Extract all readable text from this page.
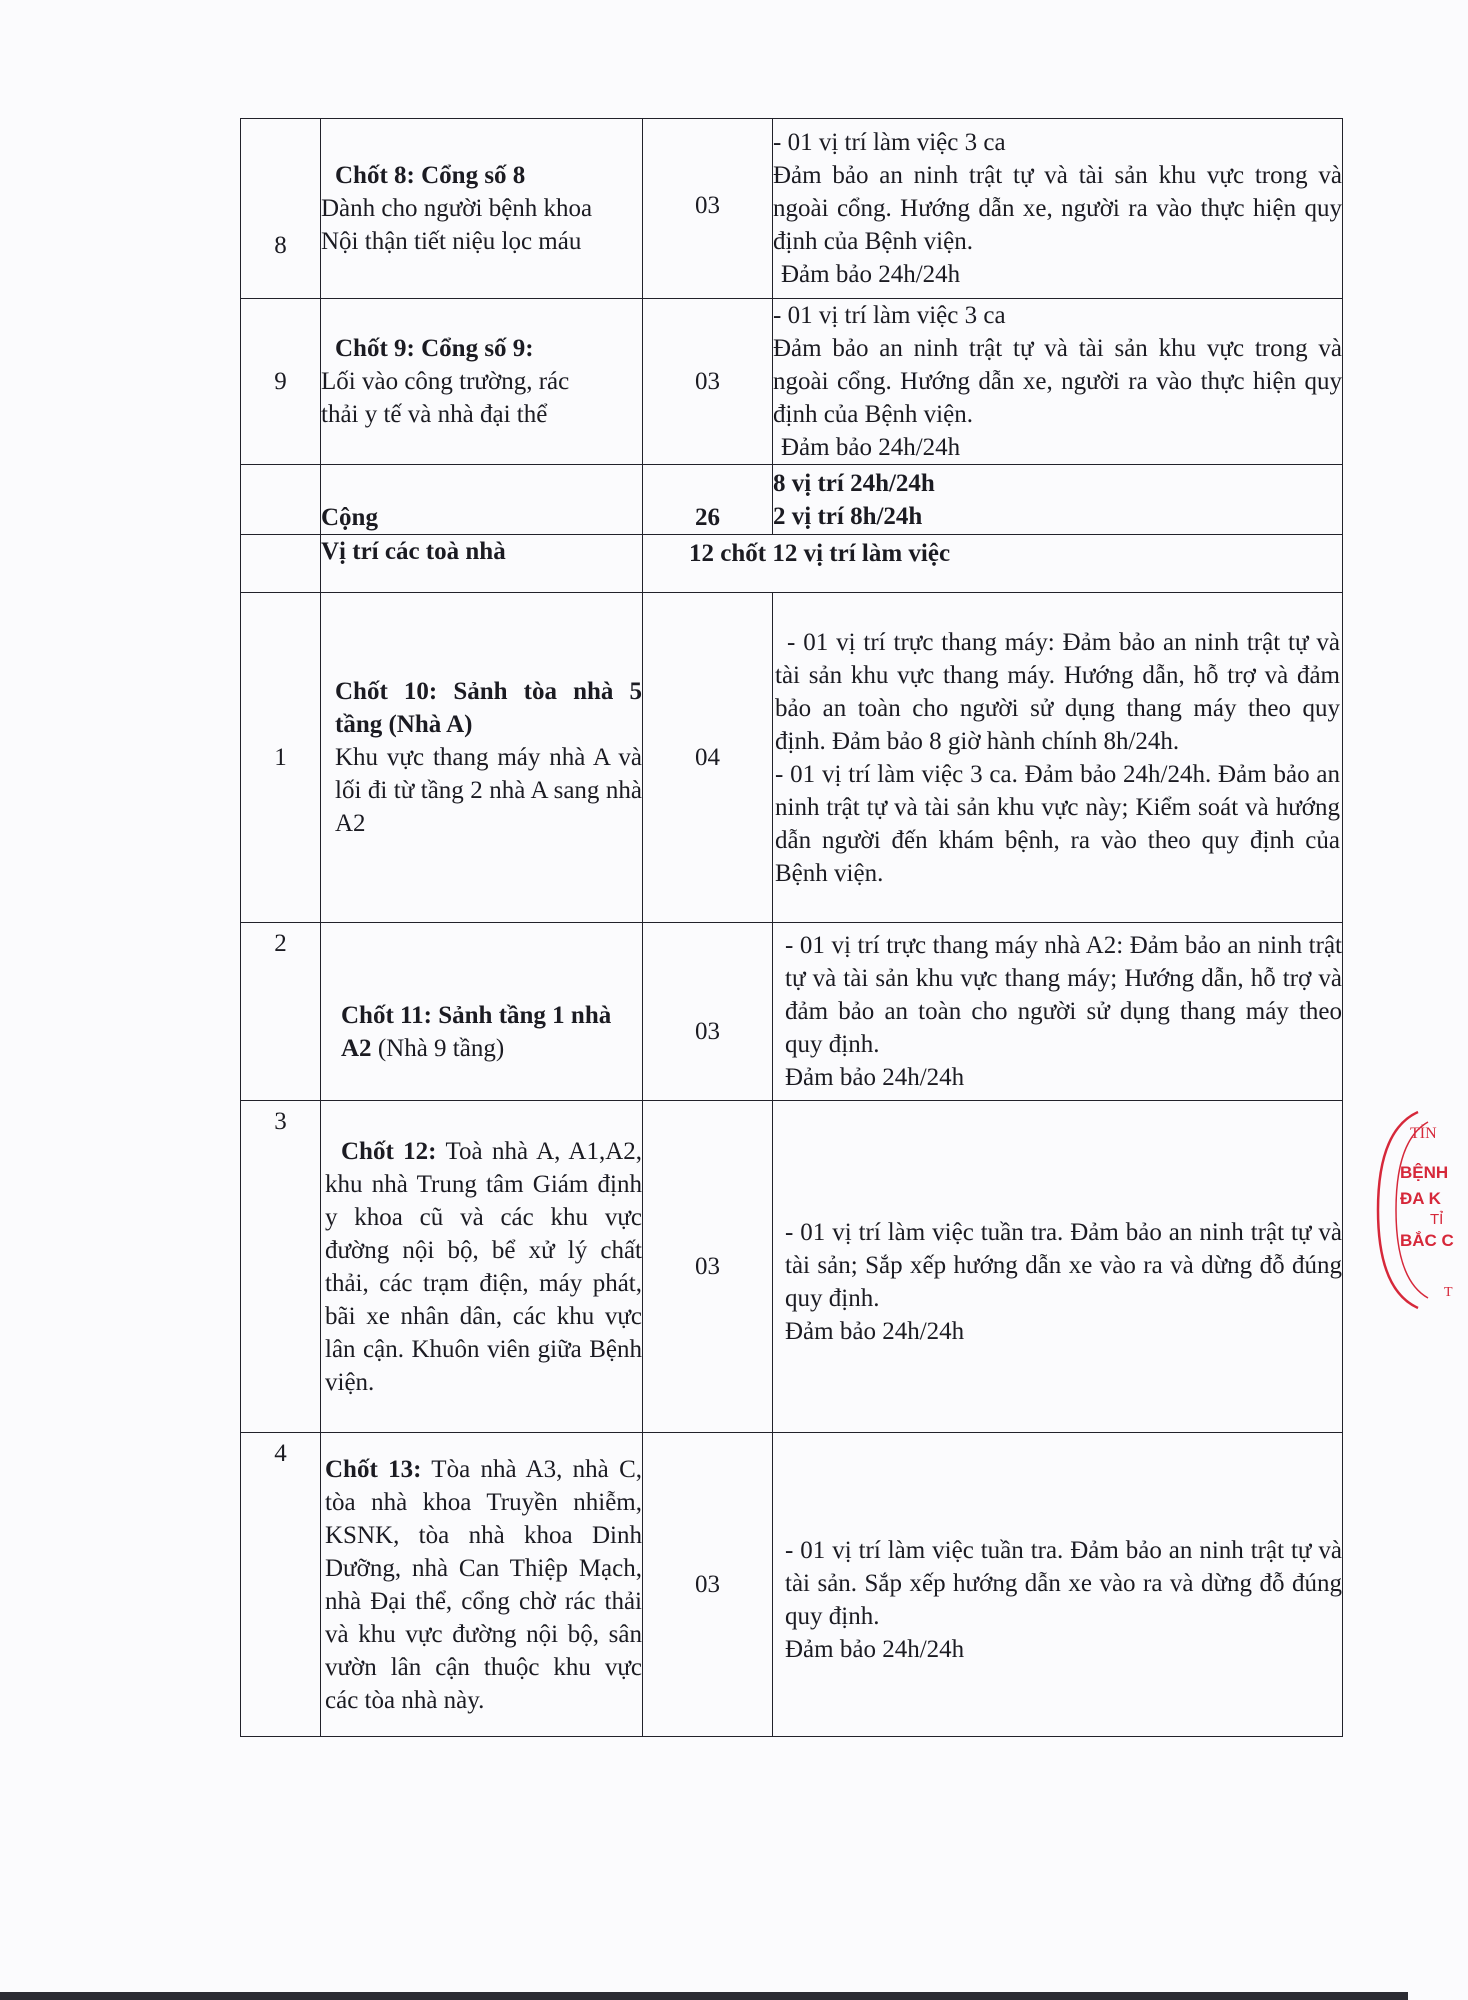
8	Chốt 8: Cổng số 8
Dành cho người bệnh khoa
Nội thận tiết niệu lọc máu	03	- 01 vị trí làm việc 3 ca
Đảm bảo an ninh trật tự và tài sản khu vực trong và ngoài cổng. Hướng dẫn xe, người ra vào thực hiện quy định của Bệnh viện.
Đảm bảo 24h/24h

9	Chốt 9: Cổng số 9:
Lối vào công trường, rác
thải y tế và nhà đại thể	03	- 01 vị trí làm việc 3 ca
Đảm bảo an ninh trật tự và tài sản khu vực trong và ngoài cổng. Hướng dẫn xe, người ra vào thực hiện quy định của Bệnh viện.
Đảm bảo 24h/24h

	Cộng	26	8 vị trí 24h/24h
2 vị trí 8h/24h

	Vị trí các toà nhà	12 chốt 12 vị trí làm việc	
1	Chốt 10: Sảnh tòa nhà 5 tầng (Nhà A)
Khu vực thang máy nhà A và lối đi từ tầng 2 nhà A sang nhà A2	04	- 01 vị trí trực thang máy: Đảm bảo an ninh trật tự và tài sản khu vực thang máy. Hướng dẫn, hỗ trợ và đảm bảo an toàn cho người sử dụng thang máy theo quy định. Đảm bảo 8 giờ hành chính 8h/24h.
- 01 vị trí làm việc 3 ca. Đảm bảo 24h/24h. Đảm bảo an ninh trật tự và tài sản khu vực này; Kiểm soát và hướng dẫn người đến khám bệnh, ra vào theo quy định của Bệnh viện.

2	Chốt 11: Sảnh tầng 1 nhà A2 (Nhà 9 tầng)	03	- 01 vị trí trực thang máy nhà A2: Đảm bảo an ninh trật tự và tài sản khu vực thang máy; Hướng dẫn, hỗ trợ và đảm bảo an toàn cho người sử dụng thang máy theo quy định.
Đảm bảo 24h/24h

3	Chốt 12: Toà nhà A, A1,A2, khu nhà Trung tâm Giám định y khoa cũ và các khu vực đường nội bộ, bể xử lý chất thải, các trạm điện, máy phát, bãi xe nhân dân, các khu vực lân cận. Khuôn viên giữa Bệnh viện.	03	- 01 vị trí làm việc tuần tra. Đảm bảo an ninh trật tự và tài sản; Sắp xếp hướng dẫn xe vào ra và dừng đỗ đúng quy định.
Đảm bảo 24h/24h

4	Chốt 13: Tòa nhà A3, nhà C, tòa nhà khoa Truyền nhiễm, KSNK, tòa nhà khoa Dinh Dưỡng, nhà Can Thiệp Mạch, nhà Đại thể, cổng chờ rác thải và khu vực đường nội bộ, sân vườn lân cận thuộc khu vực các tòa nhà này.	03	- 01 vị trí làm việc tuần tra. Đảm bảo an ninh trật tự và tài sản. Sắp xếp hướng dẫn xe vào ra và dừng đỗ đúng quy định.
Đảm bảo 24h/24h
TỈN
BỆNH
ĐA K
TỈ
BẮC C
T
